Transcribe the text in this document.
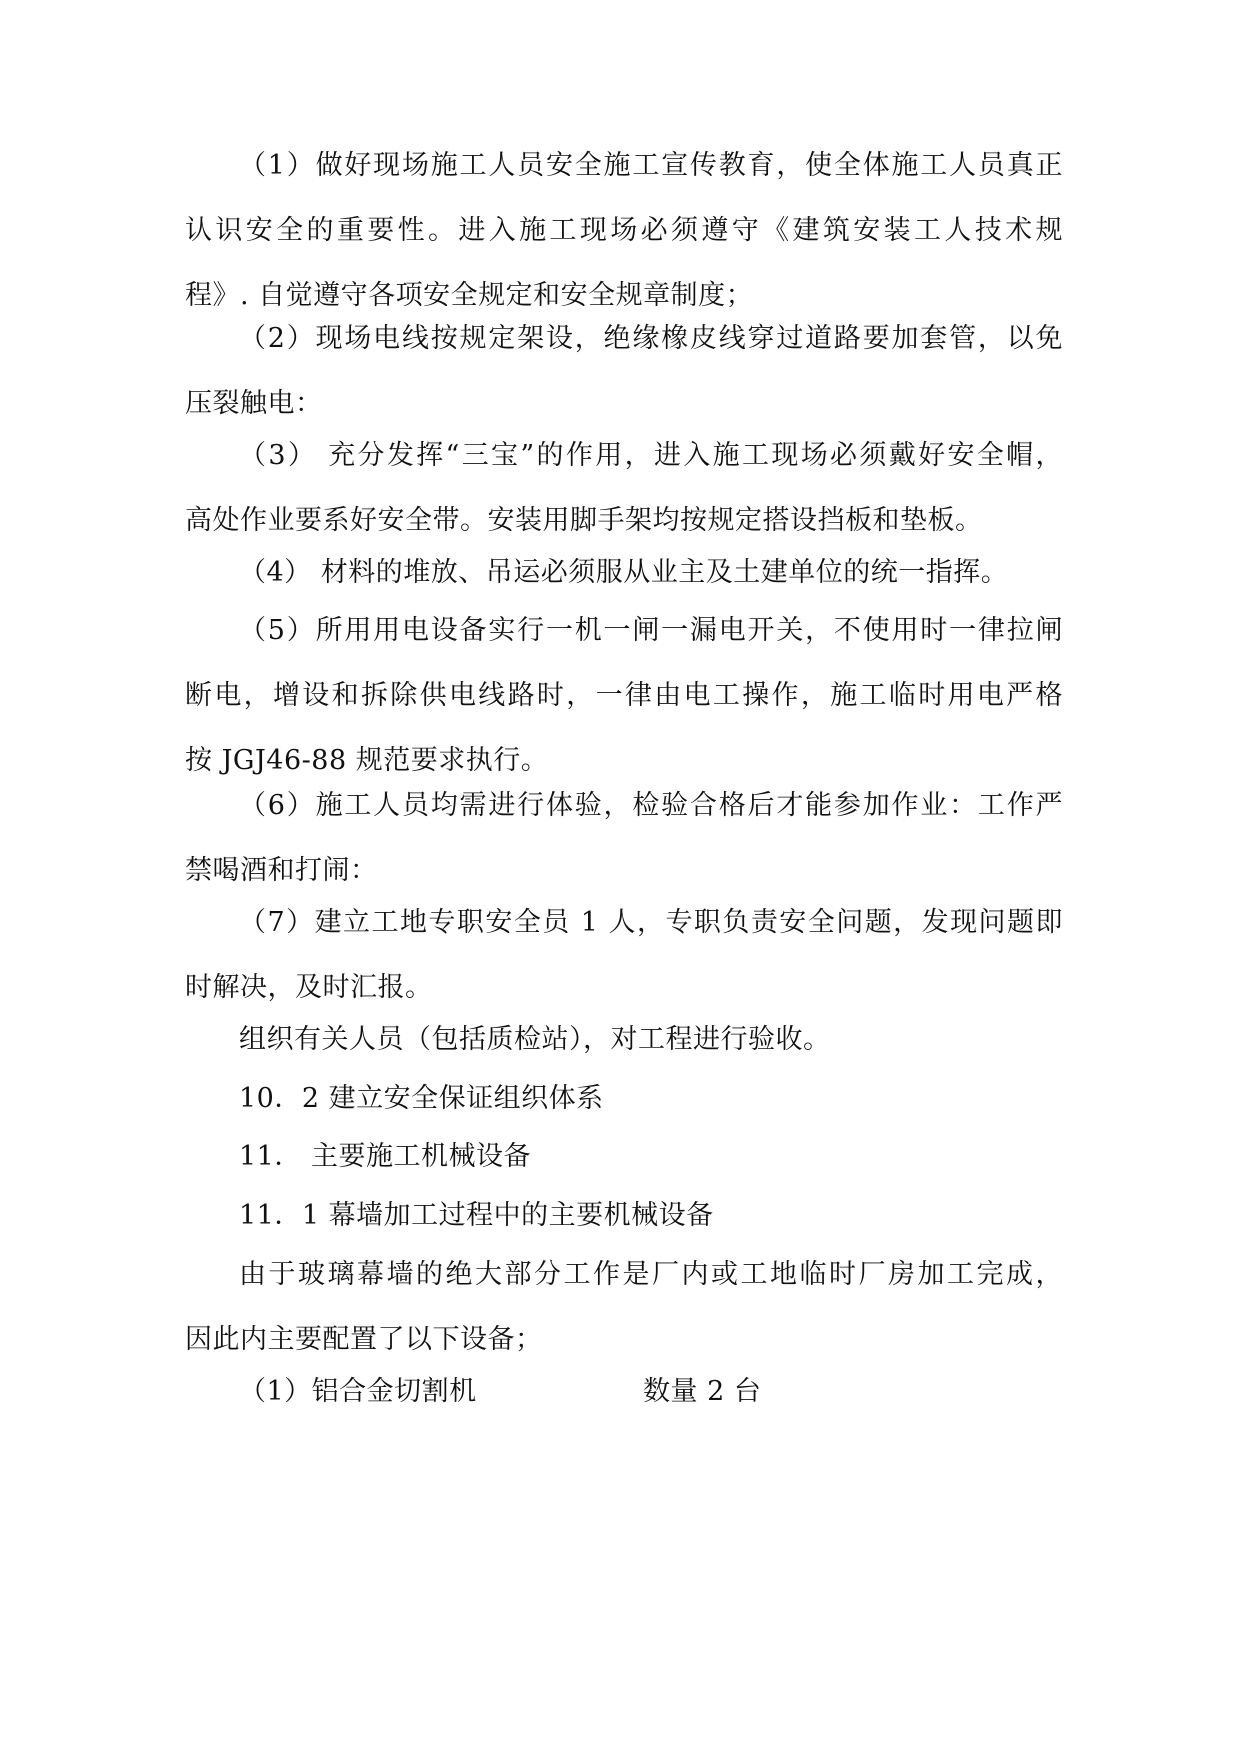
（1）做好现场施工人员安全施工宣传教育，使全体施工人员真正
认识安全的重要性。进入施工现场必须遵守《建筑安装工人技术规
程》. 自觉遵守各项安全规定和安全规章制度；
（2）现场电线按规定架设，绝缘橡皮线穿过道路要加套管，以免
压裂触电：
（3） 充分发挥“三宝”的作用，进入施工现场必须戴好安全帽，
高处作业要系好安全带。安装用脚手架均按规定搭设挡板和垫板。
（4） 材料的堆放、吊运必须服从业主及土建单位的统一指挥。
（5）所用用电设备实行一机一闸一漏电开关，不使用时一律拉闸
断电，增设和拆除供电线路时，一律由电工操作，施工临时用电严格
按 JGJ46-88 规范要求执行。
（6）施工人员均需进行体验，检验合格后才能参加作业：工作严
禁喝酒和打闹：
（7）建立工地专职安全员 1 人，专职负责安全问题，发现问题即
时解决，及时汇报。
组织有关人员（包括质检站），对工程进行验收。
10．2 建立安全保证组织体系
11． 主要施工机械设备
11．1 幕墙加工过程中的主要机械设备
由于玻璃幕墙的绝大部分工作是厂内或工地临时厂房加工完成，
因此内主要配置了以下设备；
（1）铝合金切割机	数量 2 台
